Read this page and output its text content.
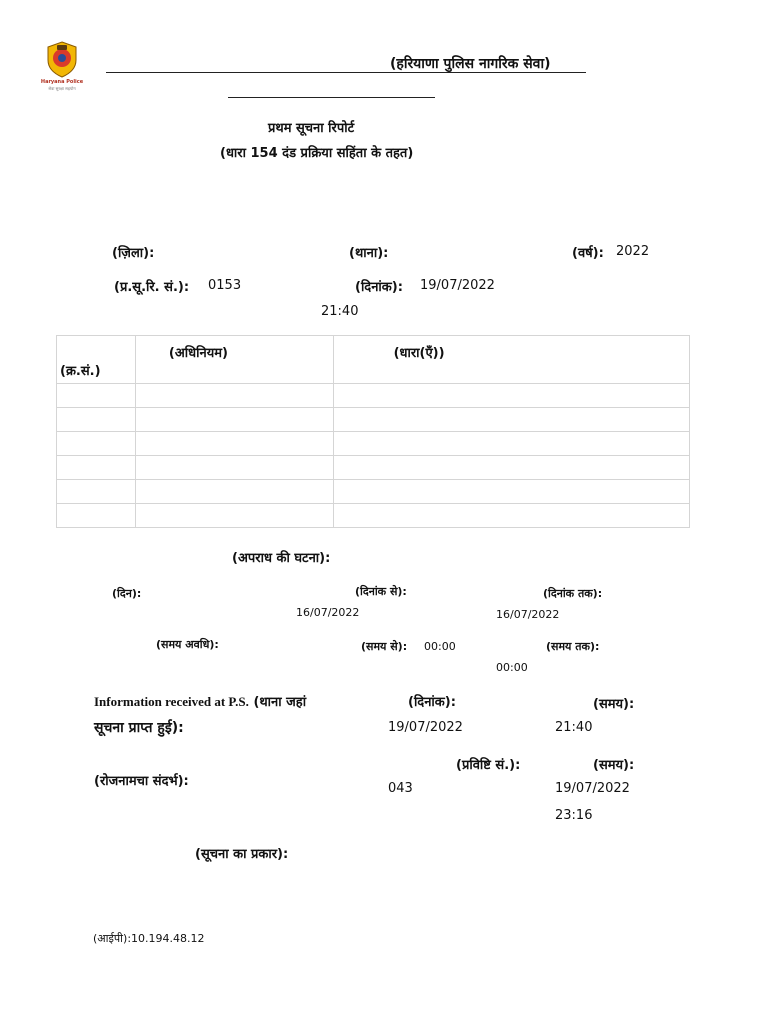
Haryana Police
सेवा सुरक्षा सहयोग
(हरियाणा पुलिस नागरिक सेवा)
प्रथम सूचना रिपोर्ट
(धारा 154 दंड प्रक्रिया सहिंता के तहत)
(ज़िला):	(थाना):	(वर्ष): 2022
(प्र.सू.रि. सं.): 0153	(दिनांक): 19/07/2022
21:40
(क्र.सं.)	(अधिनियम)	(धारा(एँ))

(अपराध की घटना):
(दिन):	(दिनांक से):
16/07/2022
(दिनांक तक):
16/07/2022
(समय अवधि):	(समय से): 00:00	(समय तक):
00:00
Information received at P.S. (थाना जहां
सूचना प्राप्त हुई):
(दिनांक):
19/07/2022
(समय):
21:40
(रोजनामचा संदर्भ):
(प्रविष्टि सं.):
043
(समय):
19/07/2022
23:16
(सूचना का प्रकार):
(आईपी):10.194.48.12
